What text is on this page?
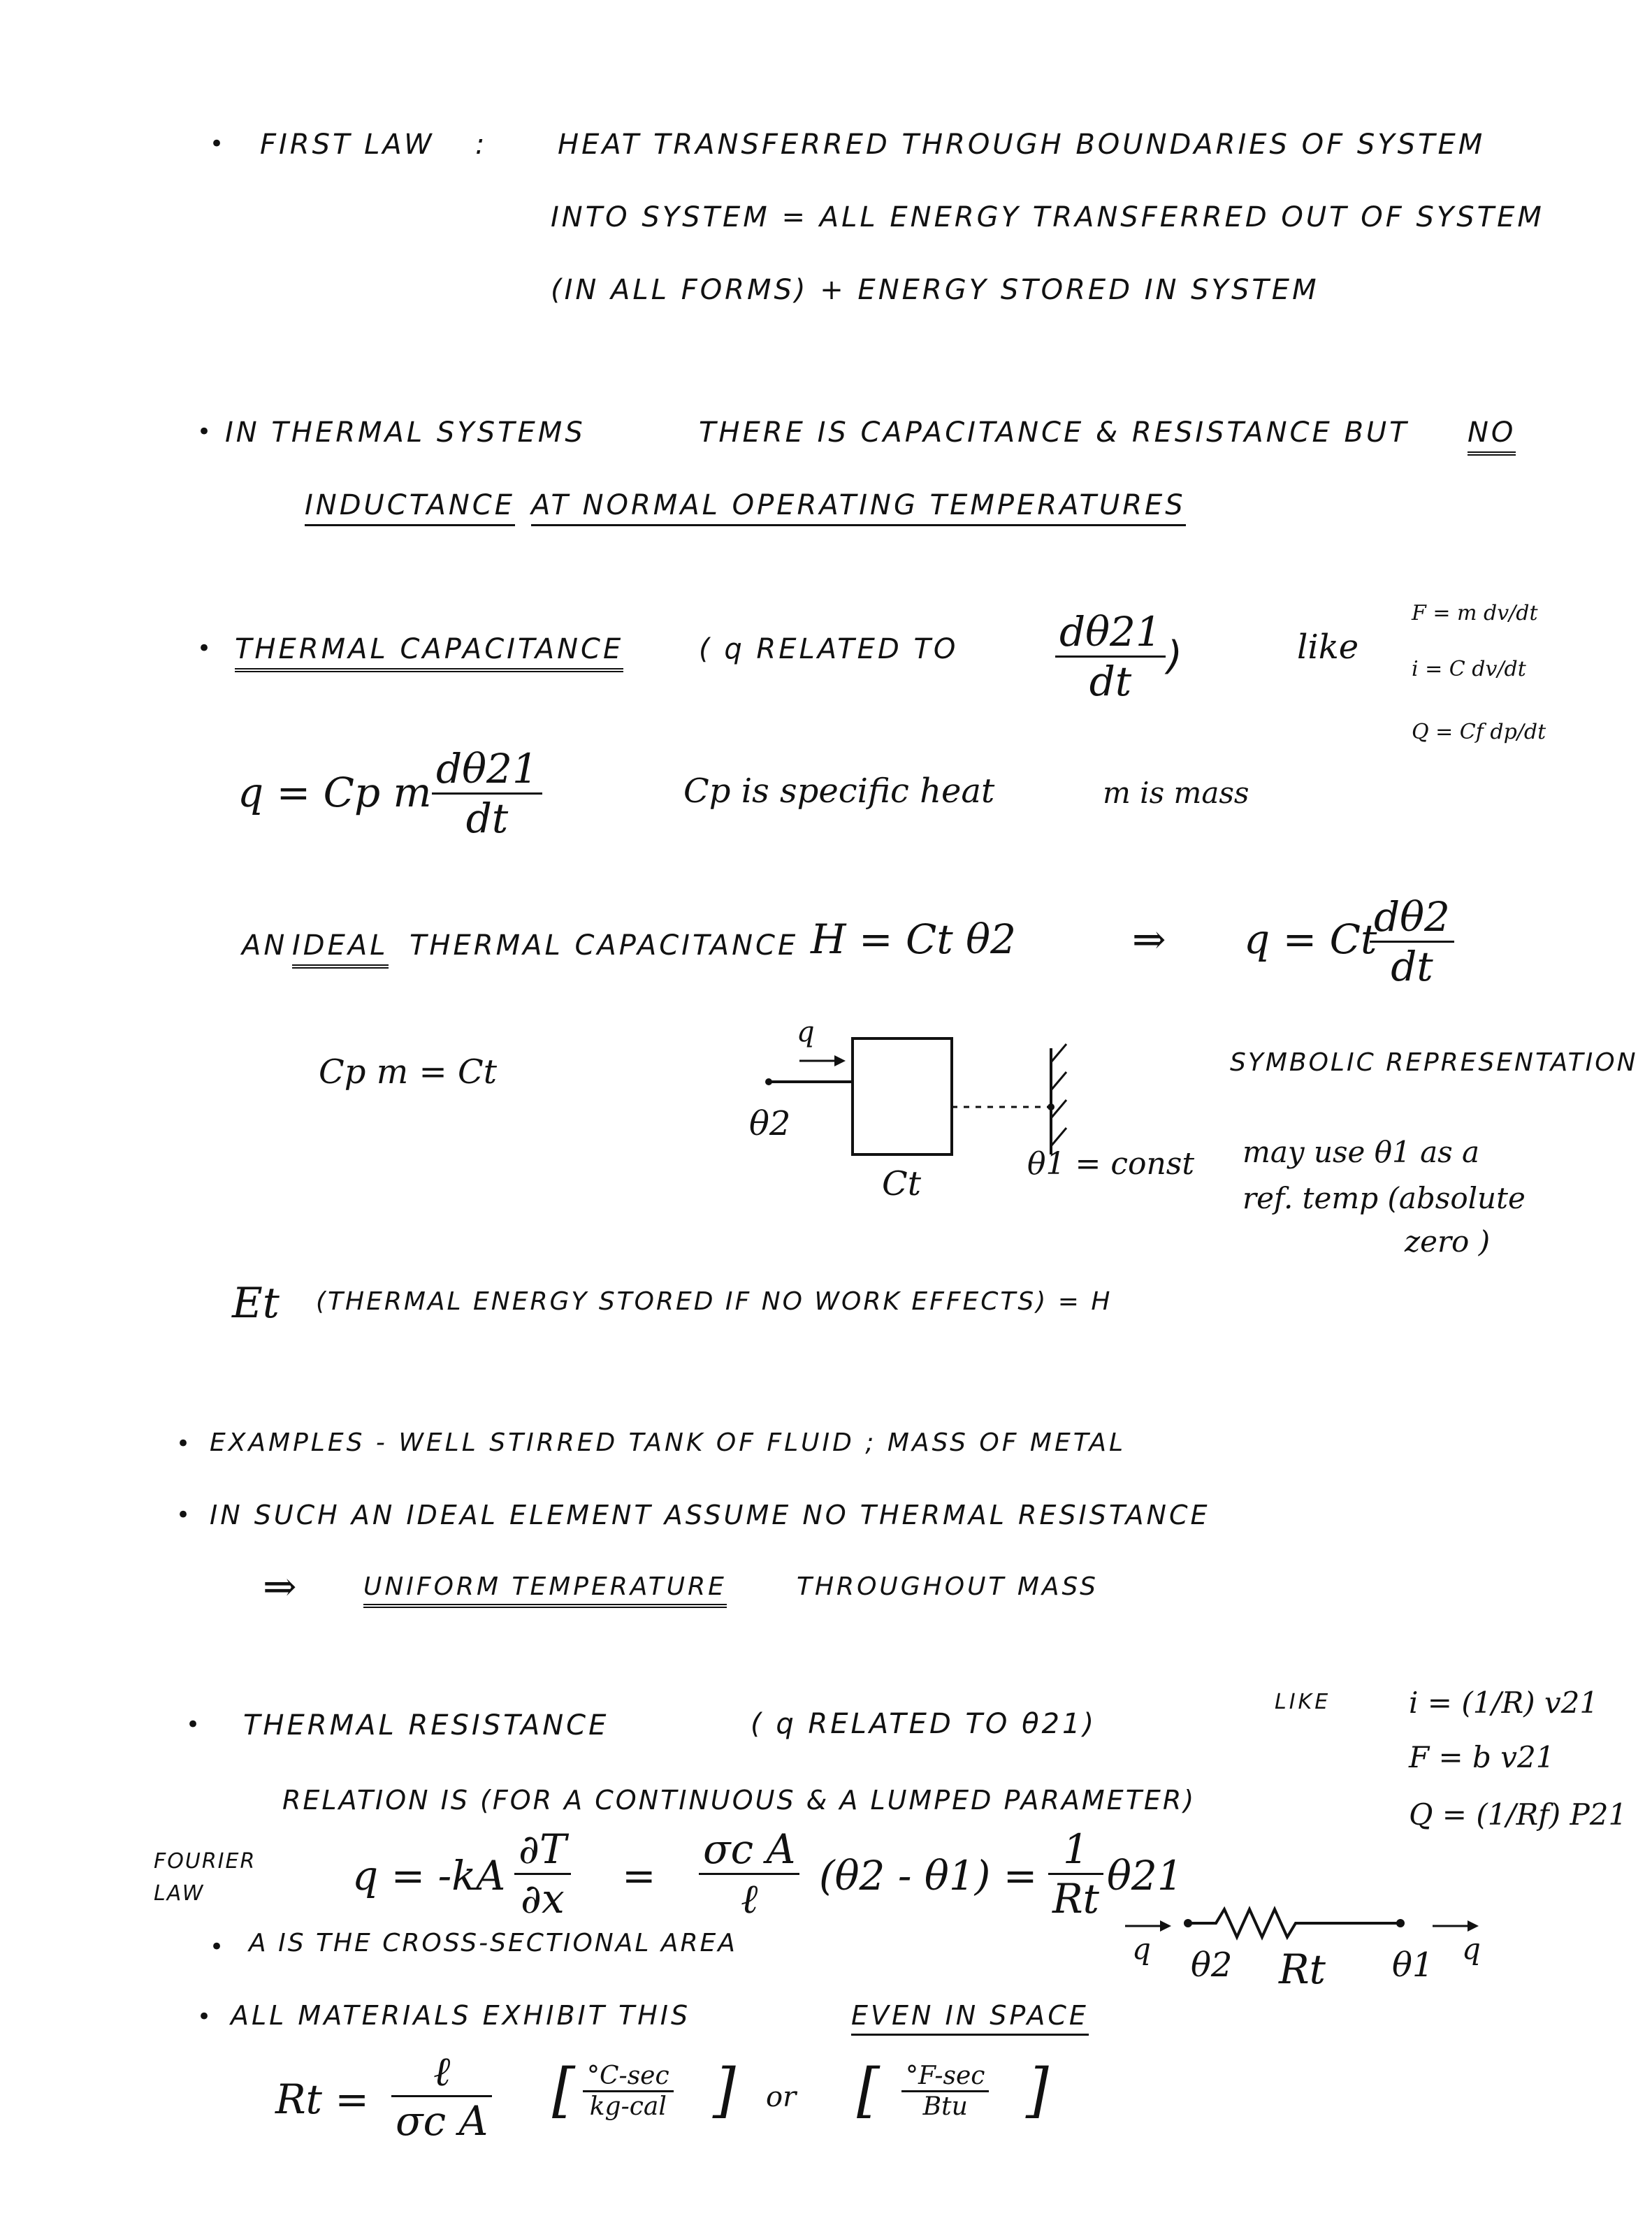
• FIRST LAW :	HEAT TRANSFERRED THROUGH BOUNDARIES OF SYSTEM
INTO SYSTEM = ALL ENERGY TRANSFERRED OUT OF SYSTEM
(IN ALL FORMS) + ENERGY STORED IN SYSTEM
• IN THERMAL SYSTEMS	THERE IS CAPACITANCE & RESISTANCE BUT NO
INDUCTANCE AT NORMAL OPERATING TEMPERATURES
• THERMAL CAPACITANCE	( q RELATED TO $\frac{d\theta 21}{dt}$ )	like
F = m dv/dt
i = C dv/dt
Q = Cf dp/dt
q = Cp m $\frac{d\theta 21}{dt}$	Cp is specific heat	m is mass
AN IDEAL THERMAL CAPACITANCE H = Ct θ2	⇒ q = Ct
$\frac{d\theta 2}{dt}$
Cp m = Ct
q
θ2
Ct
θ1 = const
SYMBOLIC REPRESENTATION
may use θ1 as a
ref. temp (absolute
zero )
Et (THERMAL ENERGY STORED IF NO WORK EFFECTS) = H
• EXAMPLES - WELL STIRRED TANK OF FLUID ; MASS OF METAL
• IN SUCH AN IDEAL ELEMENT ASSUME NO THERMAL RESISTANCE
⇒	UNIFORM TEMPERATURE	THROUGHOUT MASS
• THERMAL RESISTANCE	( q RELATED TO θ21)
LIKE	i = (1/R) v21
F = b v21
Q = (1/Rf) P21
RELATION IS (FOR A CONTINUOUS & A LUMPED PARAMETER)
FOURIER
LAW	$q = -kA \frac{\partial T}{\partial x}$ =
σc A
ℓ	$(\theta 2 - \theta 1) = \frac{1}{Rt} \theta 21$
• A IS THE CROSS-SECTIONAL AREA
• ALL MATERIALS EXHIBIT THIS	EVEN IN SPACE
q θ2 Rt θ1 q
Rt =
ℓ
σc A [ °C-sec
kg-cal ] or [ °F-sec
Btu ]
